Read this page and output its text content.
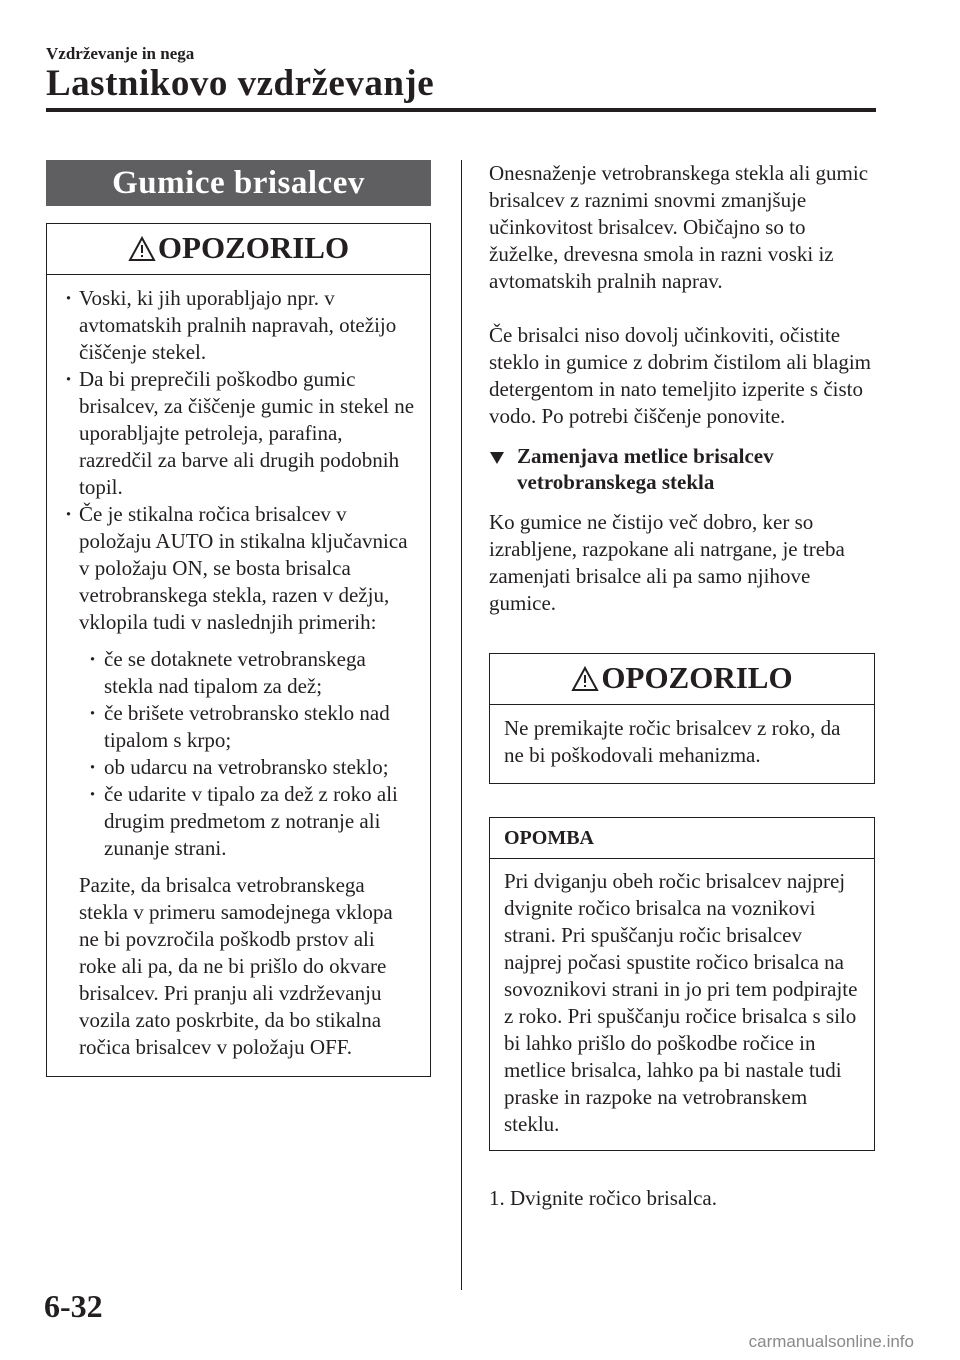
Vzdrževanje in nega
Lastnikovo vzdrževanje
Gumice brisalcev
OPOZORILO
· Voski, ki jih uporabljajo npr. v avtomatskih pralnih napravah, otežijo čiščenje stekel.
· Da bi preprečili poškodbo gumic brisalcev, za čiščenje gumic in stekel ne uporabljajte petroleja, parafina, razredčil za barve ali drugih podobnih topil.
· Če je stikalna ročica brisalcev v položaju AUTO in stikalna ključavnica v položaju ON, se bosta brisalca vetrobranskega stekla, razen v dežju, vklopila tudi v naslednjih primerih:
· če se dotaknete vetrobranskega stekla nad tipalom za dež;
· če brišete vetrobransko steklo nad tipalom s krpo;
· ob udarcu na vetrobransko steklo;
· če udarite v tipalo za dež z roko ali drugim predmetom z notranje ali zunanje strani.
Pazite, da brisalca vetrobranskega stekla v primeru samodejnega vklopa ne bi povzročila poškodb prstov ali roke ali pa, da ne bi prišlo do okvare brisalcev. Pri pranju ali vzdrževanju vozila zato poskrbite, da bo stikalna ročica brisalcev v položaju OFF.

Onesnaženje vetrobranskega stekla ali gumic brisalcev z raznimi snovmi zmanjšuje učinkovitost brisalcev. Običajno so to žuželke, drevesna smola in razni voski iz avtomatskih pralnih naprav.

Če brisalci niso dovolj učinkoviti, očistite steklo in gumice z dobrim čistilom ali blagim detergentom in nato temeljito izperite s čisto vodo. Po potrebi čiščenje ponovite.

Zamenjava metlice brisalcev vetrobranskega stekla

Ko gumice ne čistijo več dobro, ker so izrabljene, razpokane ali natrgane, je treba zamenjati brisalce ali pa samo njihove gumice.

OPOZORILO
Ne premikajte ročic brisalcev z roko, da ne bi poškodovali mehanizma.
OPOMBA
Pri dviganju obeh ročic brisalcev najprej dvignite ročico brisalca na voznikovi strani. Pri spuščanju ročic brisalcev najprej počasi spustite ročico brisalca na sovoznikovi strani in jo pri tem podpirajte z roko. Pri spuščanju ročice brisalca s silo bi lahko prišlo do poškodbe ročice in metlice brisalca, lahko pa bi nastale tudi praske in razpoke na vetrobranskem steklu.
1. Dvignite ročico brisalca.
6-32
carmanualsonline.info
